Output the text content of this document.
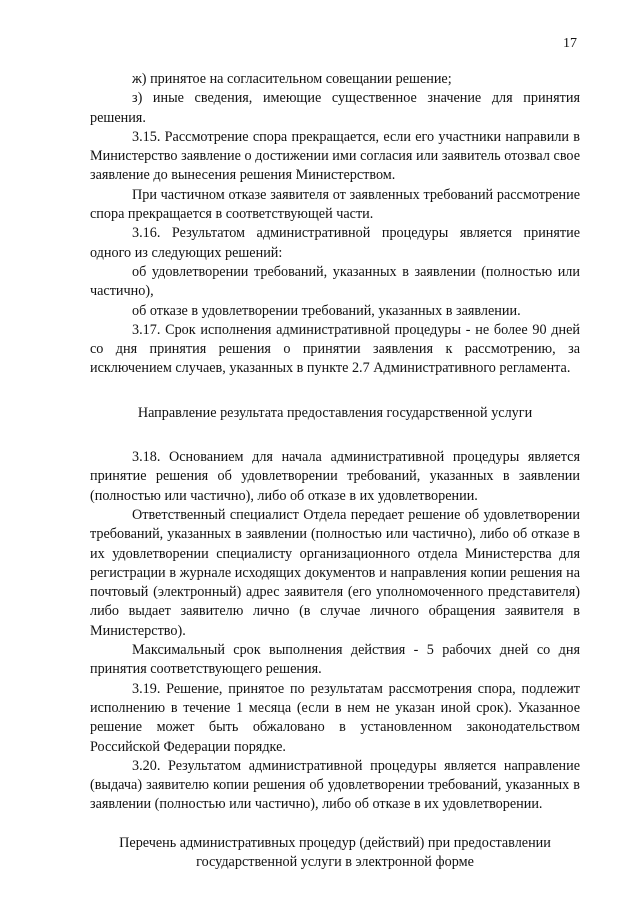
17

ж) принятое на согласительном совещании решение;

з) иные сведения, имеющие существенное значение для принятия решения.

3.15. Рассмотрение спора прекращается, если его участники направили в Министерство заявление о достижении ими согласия или заявитель отозвал свое заявление до вынесения решения Министерством.

При частичном отказе заявителя от заявленных требований рассмотрение спора прекращается в соответствующей части.

3.16. Результатом административной процедуры является принятие одного из следующих решений:

об удовлетворении требований, указанных в заявлении (полностью или частично),

об отказе в удовлетворении требований, указанных в заявлении.

3.17. Срок исполнения административной процедуры - не более 90 дней со дня принятия решения о принятии заявления к рассмотрению, за исключением случаев, указанных в пункте 2.7 Административного регламента.

Направление результата предоставления государственной услуги

3.18. Основанием для начала административной процедуры является принятие решения об удовлетворении требований, указанных в заявлении (полностью или частично), либо об отказе в их удовлетворении.

Ответственный специалист Отдела передает решение об удовлетворении требований, указанных в заявлении (полностью или частично), либо об отказе в их удовлетворении специалисту организационного отдела Министерства для регистрации в журнале исходящих документов и направления копии решения на почтовый (электронный) адрес заявителя (его уполномоченного представителя) либо выдает заявителю лично (в случае личного обращения заявителя в Министерство).

Максимальный срок выполнения действия - 5 рабочих дней со дня принятия соответствующего решения.

3.19. Решение, принятое по результатам рассмотрения спора, подлежит исполнению в течение 1 месяца (если в нем не указан иной срок). Указанное решение может быть обжаловано в установленном законодательством Российской Федерации порядке.

3.20. Результатом административной процедуры является направление (выдача) заявителю копии решения об удовлетворении требований, указанных в заявлении (полностью или частично), либо об отказе в их удовлетворении.

Перечень административных процедур (действий) при предоставлении
государственной услуги в электронной форме
